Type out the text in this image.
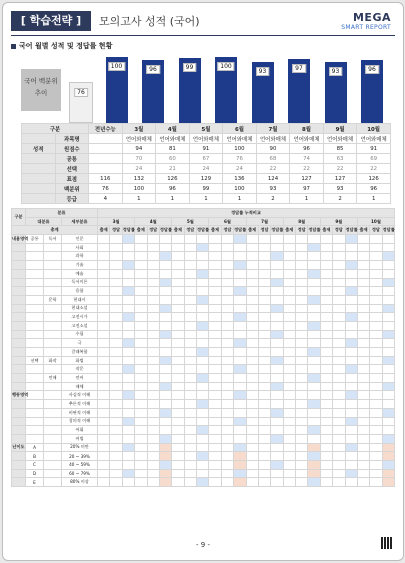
[ 학습전략 ]	모의고사 성적 (국어)	MEGA
SMART REPORT
국어 월별 성적 및 정답률 현황
국어 백분위 추이	76
100	96	99	100
93	97	93	96
구분		전년수능	3월	4월	5월	6월	7월	8월	9월	10월
	과목명		언어와매체	언어와매체	언어와매체	언어와매체	언어와매체	언어와매체	언어와매체	언어와매체
성적	원점수		94	81	91	100	90	96	85	91
	공통		70	60	67	76	68	74	63	69
	선택		24	21	24	24	22	22	22	22
	표점	116	132	126	129	136	124	127	127	126
	백분위	76	100	96	99	100	93	97	93	96
	등급	4	1	1	1	1	2	1	2	1
구분	분류			정답률 누적비교																							
	대분류		세부분류	3월			4월			5월			6월			7월			8월			9월			10월		
총계				출제	정답	정답률	출제	정답	정답률	출제	정답	정답률	출제	정답	정답률	출제	정답	정답률	출제	정답	정답률	출제	정답	정답률	출제	정답	정답률
내용영역	공통	독서	인문																								
			사회																								
			과학																								
			기술																								
			예술																								
			독서이론																								
			융합																								
		문학	현대시																								
			현대소설																								
			고전시가																								
			고전소설																								
			수필																								
			극																								
			갈래복합																								
	선택	화작	화법																								
			작문																								
		언매	언어																								
			매체																								
행동영역			사실적 이해																								
			추론적 이해																								
			비판적 이해																								
			창의적 이해																								
			어휘																								
			어법																								
난이도	A		20% 미만																								
	B		20 ~ 39%																								
	C		40 ~ 59%																								
	D		60 ~ 79%																								
	E		80% 이상																								
- 9 -
